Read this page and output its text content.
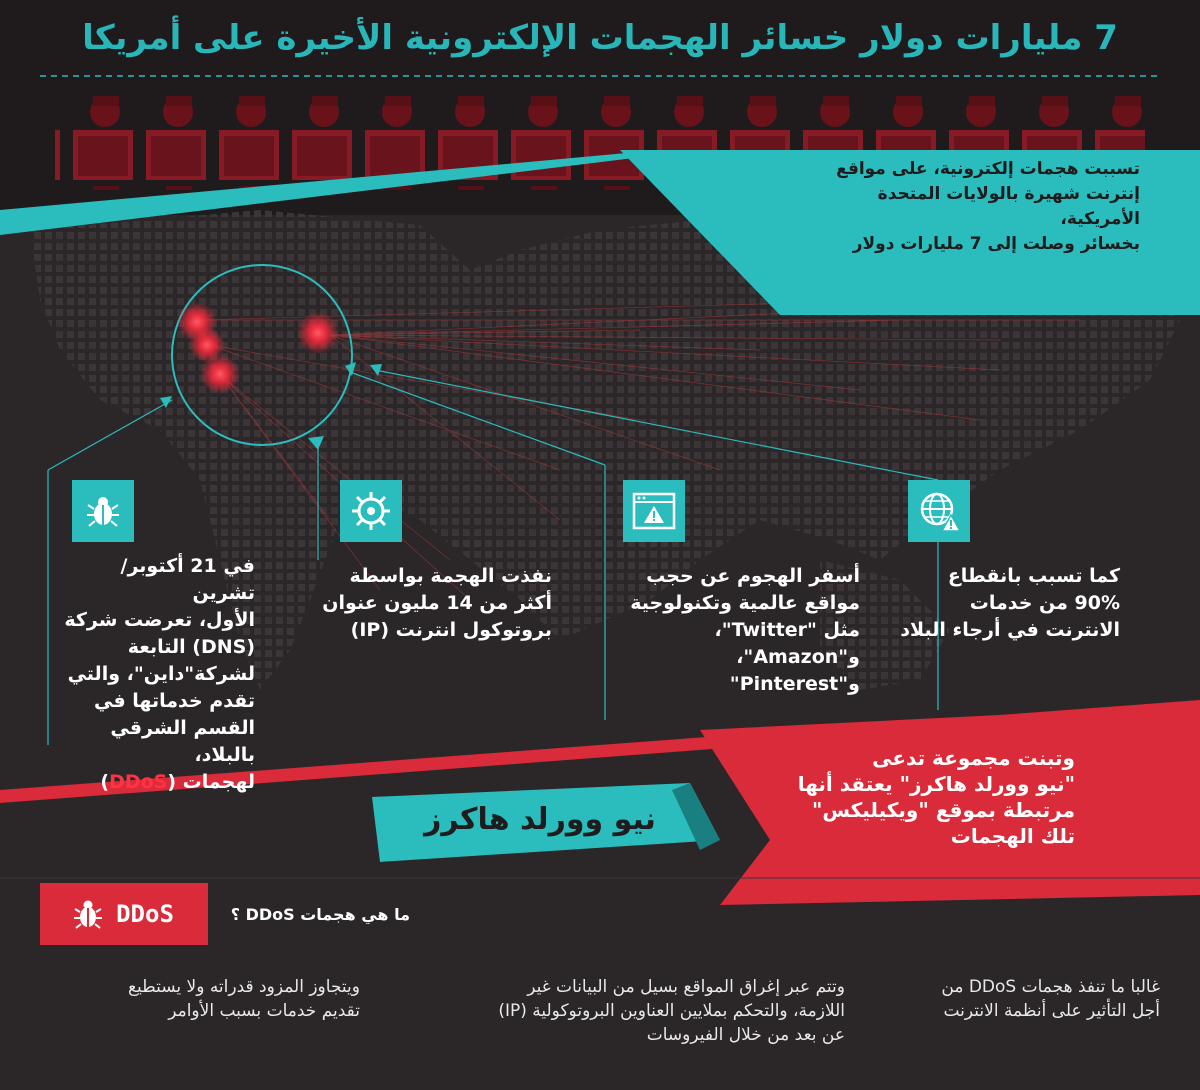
7 مليارات دولار خسائر الهجمات الإلكترونية الأخيرة على أمريكا
تسببت هجمات إلكترونية، على مواقع
إنترنت شهيرة بالولايات المتحدة الأمريكية،
بخسائر وصلت إلى 7 مليارات دولار
في 21 أكتوبر/ تشرين
الأول، تعرضت شركة
(DNS) التابعة
لشركة"داين"، والتي
تقدم خدماتها في
القسم الشرقي بالبلاد،
لهجمات (DDoS)
نفذت الهجمة بواسطة
أكثر من 14 مليون عنوان
بروتوكول انترنت (IP)
أسفر الهجوم عن حجب
مواقع عالمية وتكنولوجية
مثل "Twitter"، و"Amazon"،
و"Pinterest"
كما تسبب بانقطاع
90% من خدمات
الانترنت في أرجاء البلاد
نيو وورلد هاكرز
وتبنت مجموعة تدعى
"نيو وورلد هاكرز" يعتقد أنها
مرتبطة بموقع "ويكيليكس"
تلك الهجمات
DDoS	ما هي هجمات DDoS ؟
غالبا ما تنفذ هجمات DDoS من
أجل التأثير على أنظمة الانترنت
وتتم عبر إغراق المواقع بسيل من البيانات غير
اللازمة، والتحكم بملايين العناوين البروتوكولية (IP)
عن بعد من خلال الفيروسات
ويتجاوز المزود قدراته ولا يستطيع
تقديم خدمات بسبب الأوامر
